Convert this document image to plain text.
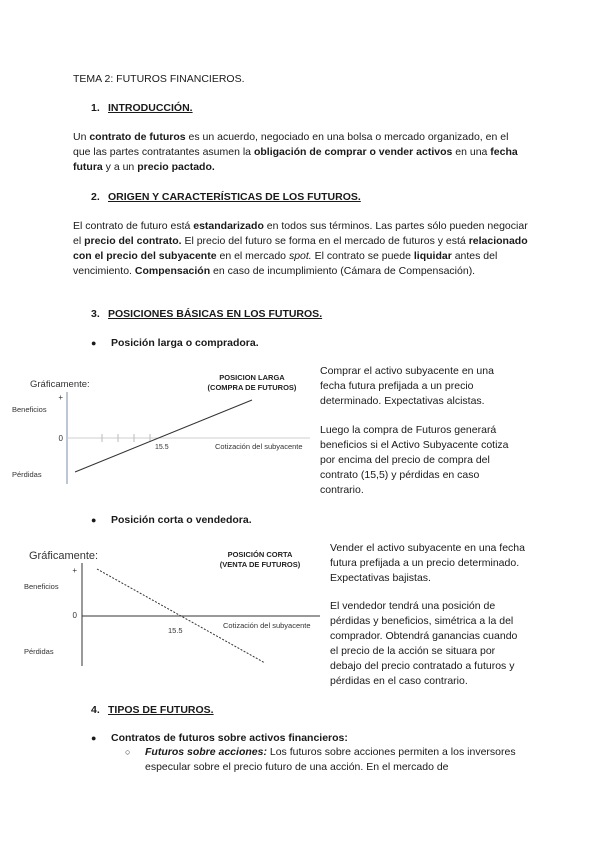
TEMA 2: FUTUROS FINANCIEROS.
1. INTRODUCCIÓN.
Un contrato de futuros es un acuerdo, negociado en una bolsa o mercado organizado, en el que las partes contratantes asumen la obligación de comprar o vender activos en una fecha futura y a un precio pactado.
2. ORIGEN Y CARACTERÍSTICAS DE LOS FUTUROS.
El contrato de futuro está estandarizado en todos sus términos. Las partes sólo pueden negociar el precio del contrato. El precio del futuro se forma en el mercado de futuros y está relacionado con el precio del subyacente en el mercado spot. El contrato se puede liquidar antes del vencimiento. Compensación en caso de incumplimiento (Cámara de Compensación).
3. POSICIONES BÁSICAS EN LOS FUTUROS.
● Posición larga o compradora.
Gráficamente:
POSICION LARGA
(COMPRA DE FUTUROS)
+
Beneficios
0
Pérdidas
15.5	Cotización del subyacente
Comprar el activo subyacente en una fecha futura prefijada a un precio determinado. Expectativas alcistas.
Luego la compra de Futuros generará beneficios si el Activo Subyacente cotiza por encima del precio de compra del contrato (15,5) y pérdidas en caso contrario.
● Posición corta o vendedora.
Gráficamente:	POSICIÓN CORTA
(VENTA DE FUTUROS)
+
Beneficios
0
Pérdidas
15.5
Cotización del subyacente
Vender el activo subyacente en una fecha futura prefijada a un precio determinado. Expectativas bajistas.
El vendedor tendrá una posición de pérdidas y beneficios, simétrica a la del comprador. Obtendrá ganancias cuando el precio de la acción se situara por debajo del precio contratado a futuros y pérdidas en el caso contrario.
4. TIPOS DE FUTUROS.
● Contratos de futuros sobre activos financieros:
○ Futuros sobre acciones: Los futuros sobre acciones permiten a los inversores especular sobre el precio futuro de una acción. En el mercado de
